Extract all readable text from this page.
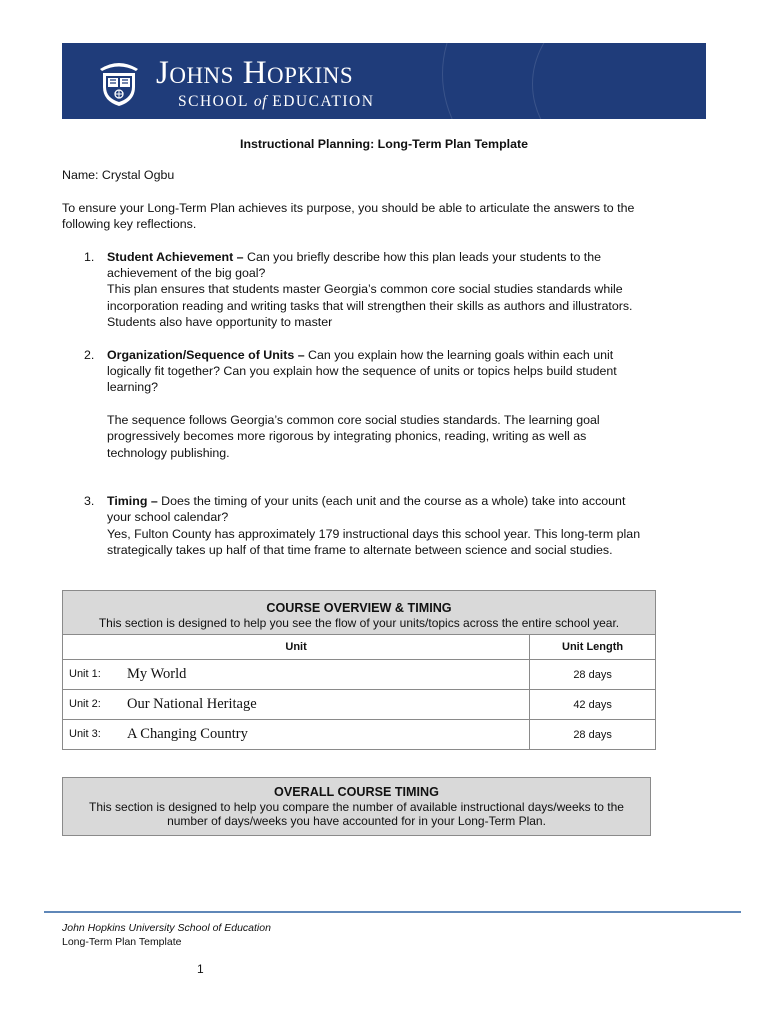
Johns Hopkins
SCHOOL of EDUCATION
Instructional Planning: Long-Term Plan Template
Name: Crystal Ogbu
To ensure your Long-Term Plan achieves its purpose, you should be able to articulate the answers to the
following key reflections.
1. Student Achievement – Can you briefly describe how this plan leads your students to the
achievement of the big goal?
This plan ensures that students master Georgia’s common core social studies standards while
incorporation reading and writing tasks that will strengthen their skills as authors and illustrators.
Students also have opportunity to master
2. Organization/Sequence of Units – Can you explain how the learning goals within each unit
logically fit together? Can you explain how the sequence of units or topics helps build student
learning?
The sequence follows Georgia’s common core social studies standards. The learning goal
progressively becomes more rigorous by integrating phonics, reading, writing as well as
technology publishing.
3. Timing – Does the timing of your units (each unit and the course as a whole) take into account
your school calendar?
Yes, Fulton County has approximately 179 instructional days this school year. This long-term plan
strategically takes up half of that time frame to alternate between science and social studies.
COURSE OVERVIEW & TIMING
This section is designed to help you see the flow of your units/topics across the entire school year.	

Unit	Unit Length

Unit 1: My World	28 days

Unit 2: Our National Heritage	42 days

Unit 3: A Changing Country	28 days
OVERALL COURSE TIMING
This section is designed to help you compare the number of available instructional days/weeks to the
number of days/weeks you have accounted for in your Long-Term Plan.
John Hopkins University School of Education
Long-Term Plan Template
1
